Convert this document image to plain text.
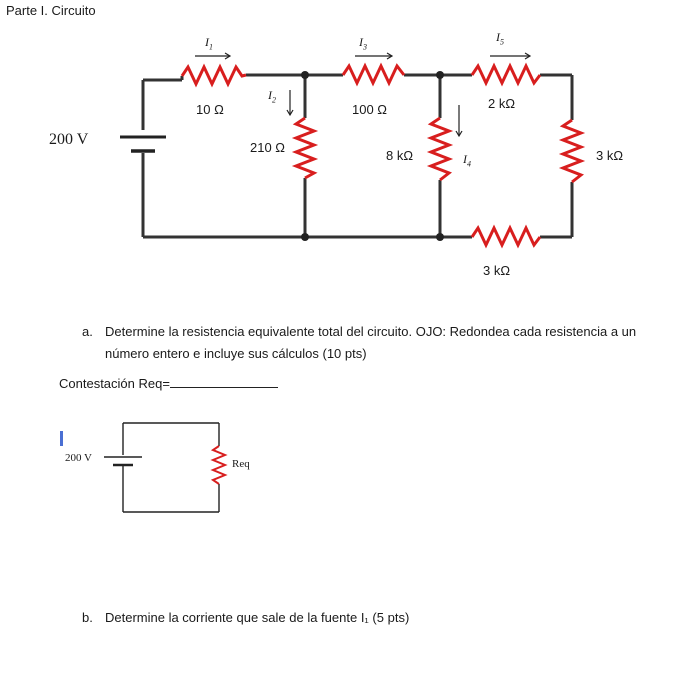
Parte I. Circuito
200 V
10 Ω
210 Ω
100 Ω
8 kΩ
2 kΩ
3 kΩ
3 kΩ
$I_1$
$I_2$
$I_3$
$I_4$
$I_5$
a. Determine la resistencia equivalente total del circuito. OJO: Redondea cada resistencia a un
número entero e incluye sus cálculos (10 pts)
Contestación Req=
200 V	Req
b. Determine la corriente que sale de la fuente I₁ (5 pts)
